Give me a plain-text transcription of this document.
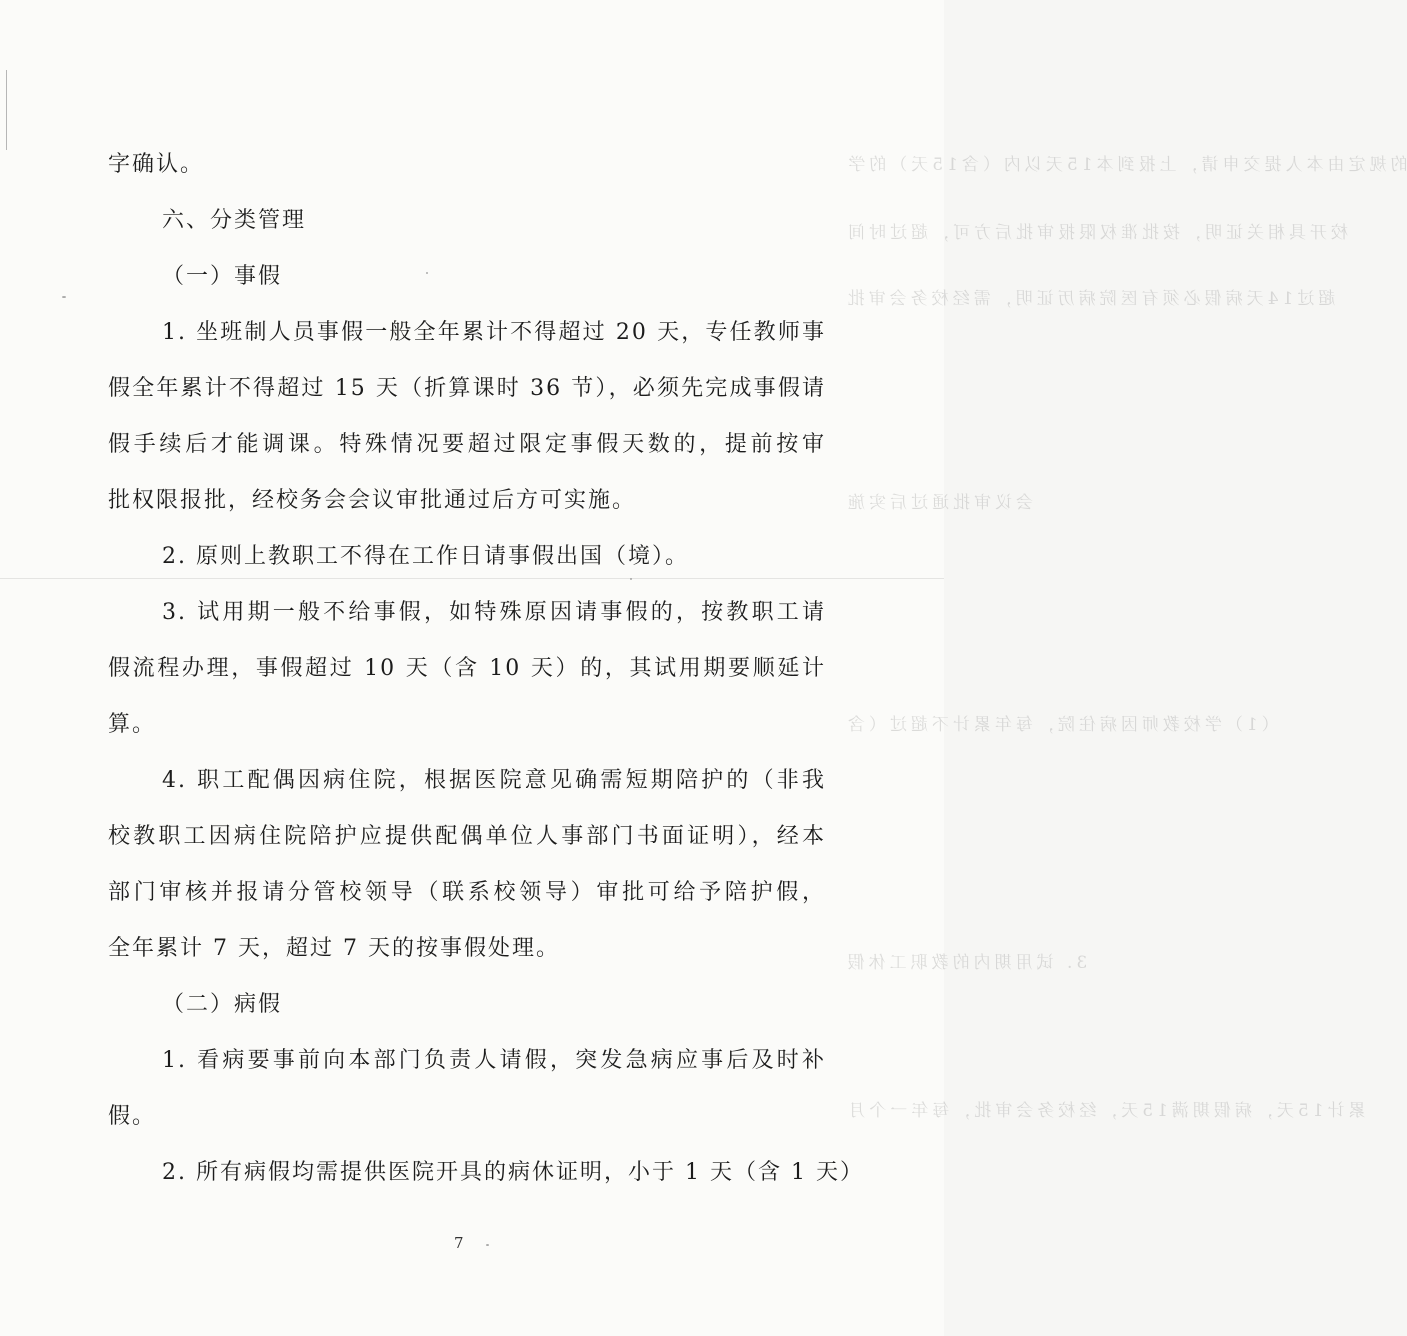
的规定由本人提交申请，上报到本15天以内（含15天）的学
校开具相关证明，按批准权限报审批后方可，超过时间
超过14天病假必须有医院病历证明，需经校务会审批
会议审批通过后实施
（1）学校教师因病住院，每年累计不超过（含
3. 试用期内的教职工休假
累计15天，病假期满15天，经校务会审批，每年一个月
字确认。
六、分类管理
（一）事假
1. 坐班制人员事假一般全年累计不得超过 20 天，专任教师事
假全年累计不得超过 15 天（折算课时 36 节），必须先完成事假请
假手续后才能调课。特殊情况要超过限定事假天数的，提前按审
批权限报批，经校务会会议审批通过后方可实施。
2. 原则上教职工不得在工作日请事假出国（境）。
3. 试用期一般不给事假，如特殊原因请事假的，按教职工请
假流程办理，事假超过 10 天（含 10 天）的，其试用期要顺延计
算。
4. 职工配偶因病住院，根据医院意见确需短期陪护的（非我
校教职工因病住院陪护应提供配偶单位人事部门书面证明），经本
部门审核并报请分管校领导（联系校领导）审批可给予陪护假，
全年累计 7 天，超过 7 天的按事假处理。
（二）病假
1. 看病要事前向本部门负责人请假，突发急病应事后及时补
假。
2. 所有病假均需提供医院开具的病休证明，小于 1 天（含 1 天）
7
